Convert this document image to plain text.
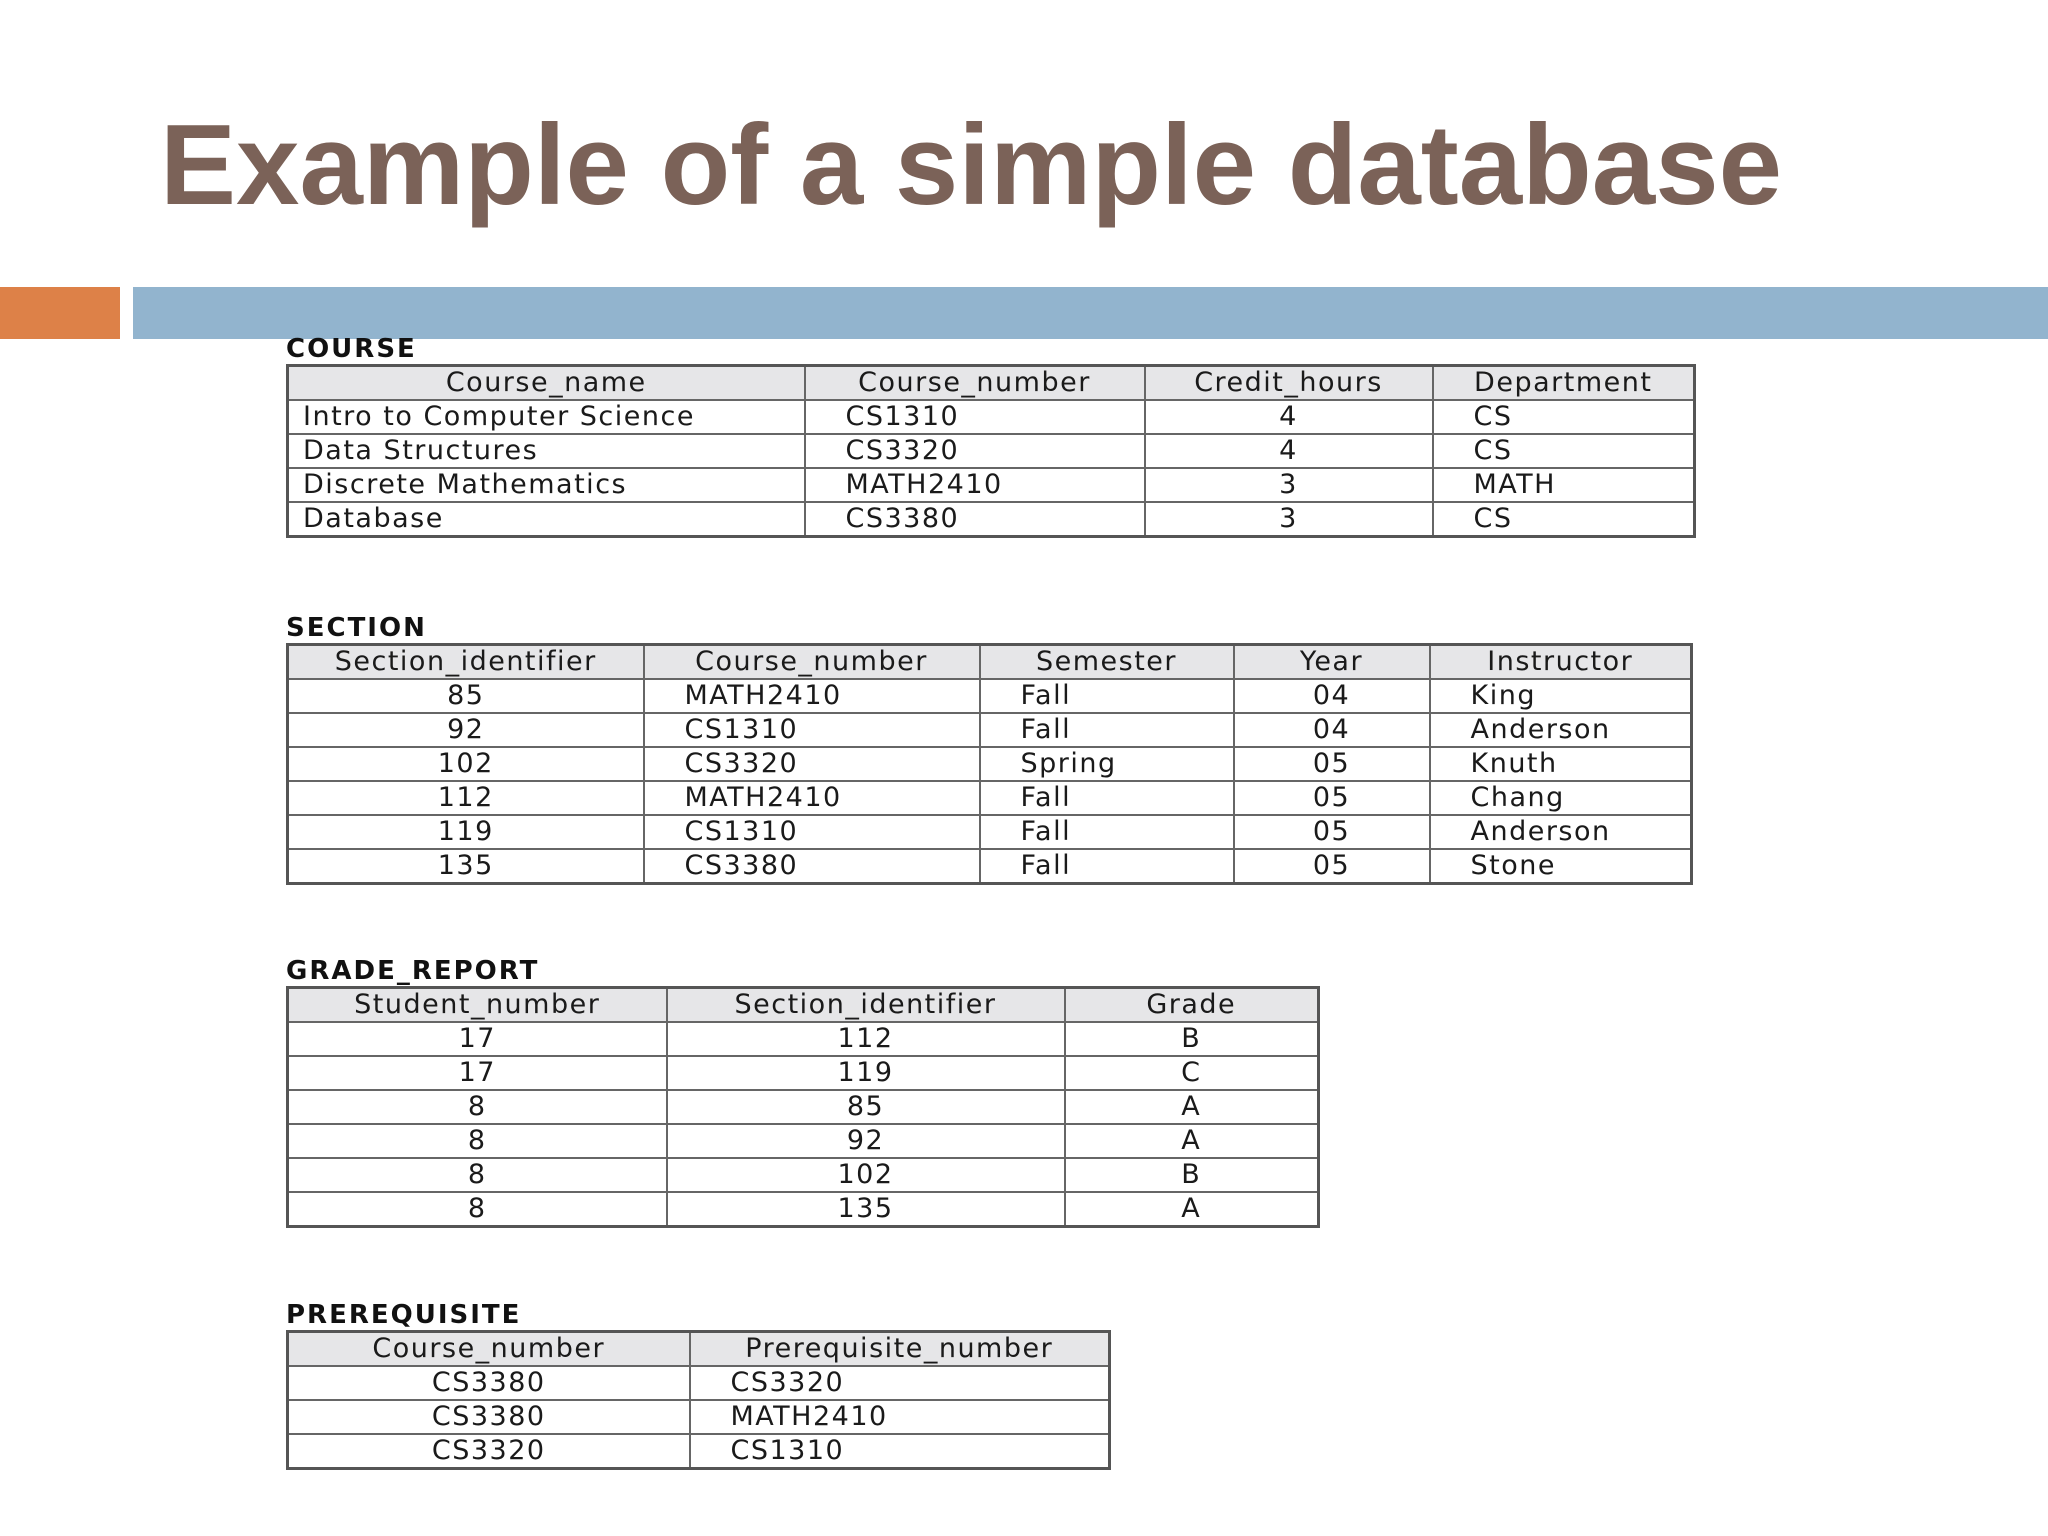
Example of a simple database
COURSE
Course_name	Course_number	Credit_hours	Department
Intro to Computer Science	CS1310	4	CS
Data Structures	CS3320	4	CS
Discrete Mathematics	MATH2410	3	MATH
Database	CS3380	3	CS
SECTION
Section_identifier	Course_number	Semester	Year	Instructor
85	MATH2410	Fall	04	King
92	CS1310	Fall	04	Anderson
102	CS3320	Spring	05	Knuth
112	MATH2410	Fall	05	Chang
119	CS1310	Fall	05	Anderson
135	CS3380	Fall	05	Stone
GRADE_REPORT
Student_number	Section_identifier	Grade
17	112	B
17	119	C
8	85	A
8	92	A
8	102	B
8	135	A
PREREQUISITE
Course_number	Prerequisite_number
CS3380	CS3320
CS3380	MATH2410
CS3320	CS1310
